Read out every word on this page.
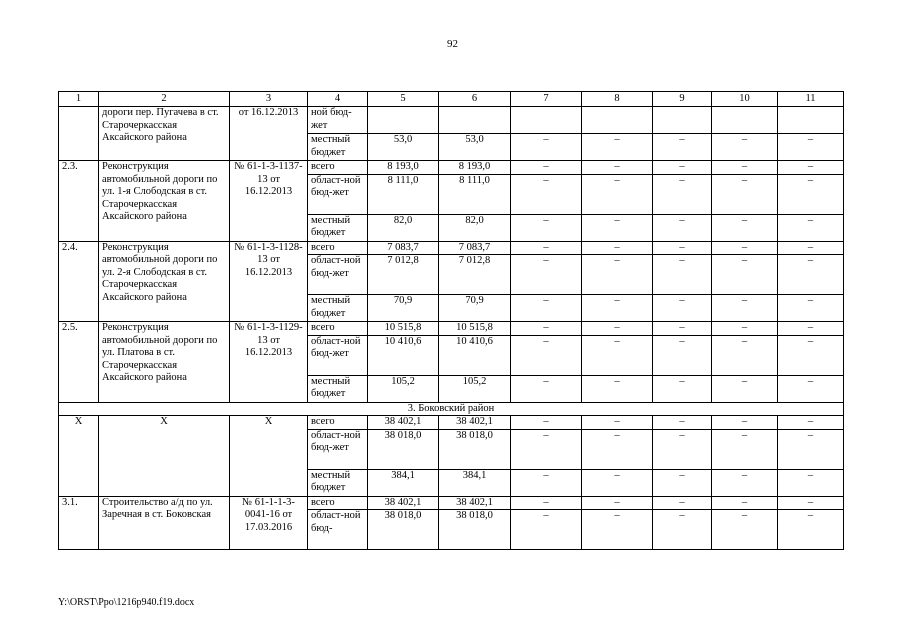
92
1	2	3	4	5	6	7	8	9	10	11
	дороги пер. Пугачева в ст. Старочеркасская Аксайского района	от 16.12.2013	ной бюд-жет							
			местный бюджет	53,0	53,0	–	–	–	–	–
2.3.	Реконструкция автомобильной дороги по ул. 1-я Слободская в ст. Старочеркасская Аксайского района	№ 61-1-3-1137-13 от 16.12.2013	всего	8 193,0	8 193,0	–	–	–	–	–
			област-ной бюд-жет	8 111,0	8 111,0	–	–	–	–	–
			местный бюджет	82,0	82,0	–	–	–	–	–
2.4.	Реконструкция автомобильной дороги по ул. 2-я Слободская в ст. Старочеркасская Аксайского района	№ 61-1-3-1128-13 от 16.12.2013	всего	7 083,7	7 083,7	–	–	–	–	–
			област-ной бюд-жет	7 012,8	7 012,8	–	–	–	–	–
			местный бюджет	70,9	70,9	–	–	–	–	–
2.5.	Реконструкция автомобильной дороги по ул. Платова в ст. Старочеркасская Аксайского района	№ 61-1-3-1129-13 от 16.12.2013	всего	10 515,8	10 515,8	–	–	–	–	–
			област-ной бюд-жет	10 410,6	10 410,6	–	–	–	–	–
			местный бюджет	105,2	105,2	–	–	–	–	–
3. Боковский район										
Х	Х	Х	всего	38 402,1	38 402,1	–	–	–	–	–
			област-ной бюд-жет	38 018,0	38 018,0	–	–	–	–	–
			местный бюджет	384,1	384,1	–	–	–	–	–
3.1.	Строительство а/д по ул. Заречная в ст. Боковская	№ 61-1-1-3-0041-16 от 17.03.2016	всего	38 402,1	38 402,1	–	–	–	–	–
			област-ной бюд-	38 018,0	38 018,0	–	–	–	–	–
Y:\ORST\Ppo\1216p940.f19.docx
